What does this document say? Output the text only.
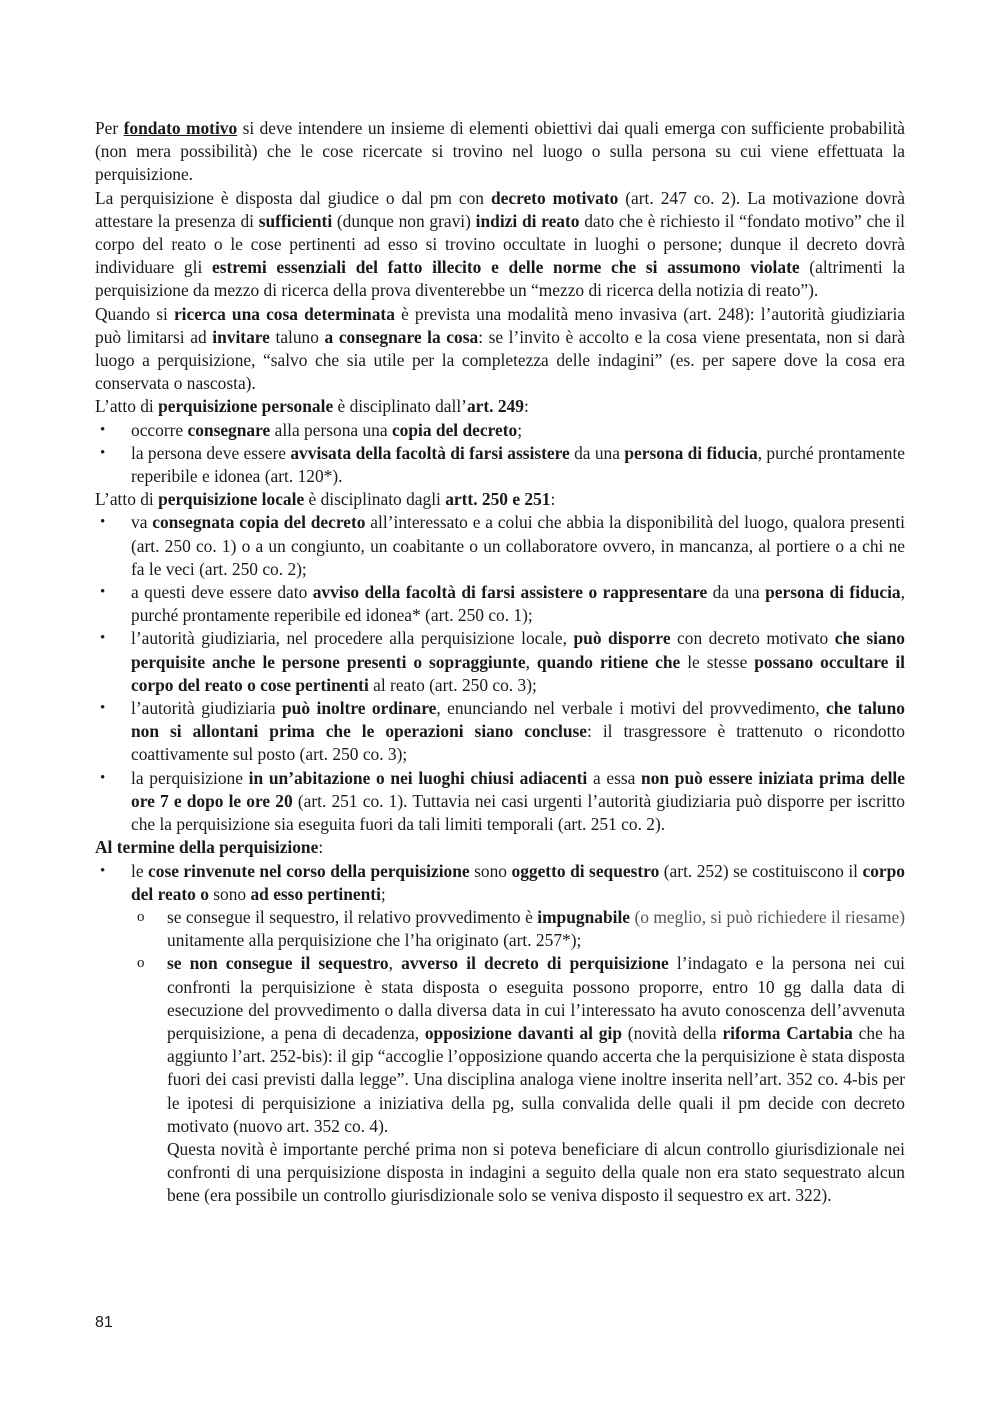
Per fondato motivo si deve intendere un insieme di elementi obiettivi dai quali emerga con sufficiente probabilità (non mera possibilità) che le cose ricercate si trovino nel luogo o sulla persona su cui viene effettuata la perquisizione.

La perquisizione è disposta dal giudice o dal pm con decreto motivato (art. 247 co. 2). La motivazione dovrà attestare la presenza di sufficienti (dunque non gravi) indizi di reato dato che è richiesto il “fondato motivo” che il corpo del reato o le cose pertinenti ad esso si trovino occultate in luoghi o persone; dunque il decreto dovrà individuare gli estremi essenziali del fatto illecito e delle norme che si assumono violate (altrimenti la perquisizione da mezzo di ricerca della prova diventerebbe un “mezzo di ricerca della notizia di reato”).

Quando si ricerca una cosa determinata è prevista una modalità meno invasiva (art. 248): l’autorità giudiziaria può limitarsi ad invitare taluno a consegnare la cosa: se l’invito è accolto e la cosa viene presentata, non si darà luogo a perquisizione, “salvo che sia utile per la completezza delle indagini” (es. per sapere dove la cosa era conservata o nascosta).

L’atto di perquisizione personale è disciplinato dall’art. 249:

• occorre consegnare alla persona una copia del decreto;
• la persona deve essere avvisata della facoltà di farsi assistere da una persona di fiducia, purché prontamente reperibile e idonea (art. 120*).

L’atto di perquisizione locale è disciplinato dagli artt. 250 e 251:

• va consegnata copia del decreto all’interessato e a colui che abbia la disponibilità del luogo, qualora presenti (art. 250 co. 1) o a un congiunto, un coabitante o un collaboratore ovvero, in mancanza, al portiere o a chi ne fa le veci (art. 250 co. 2);
• a questi deve essere dato avviso della facoltà di farsi assistere o rappresentare da una persona di fiducia, purché prontamente reperibile ed idonea* (art. 250 co. 1);
• l’autorità giudiziaria, nel procedere alla perquisizione locale, può disporre con decreto motivato che siano perquisite anche le persone presenti o sopraggiunte, quando ritiene che le stesse possano occultare il corpo del reato o cose pertinenti al reato (art. 250 co. 3);
• l’autorità giudiziaria può inoltre ordinare, enunciando nel verbale i motivi del provvedimento, che taluno non si allontani prima che le operazioni siano concluse: il trasgressore è trattenuto o ricondotto coattivamente sul posto (art. 250 co. 3);
• la perquisizione in un’abitazione o nei luoghi chiusi adiacenti a essa non può essere iniziata prima delle ore 7 e dopo le ore 20 (art. 251 co. 1). Tuttavia nei casi urgenti l’autorità giudiziaria può disporre per iscritto che la perquisizione sia eseguita fuori da tali limiti temporali (art. 251 co. 2).

Al termine della perquisizione:

• le cose rinvenute nel corso della perquisizione sono oggetto di sequestro (art. 252) se costituiscono il corpo del reato o sono ad esso pertinenti;
o se consegue il sequestro, il relativo provvedimento è impugnabile (o meglio, si può richiedere il riesame) unitamente alla perquisizione che l’ha originato (art. 257*);
o se non consegue il sequestro, avverso il decreto di perquisizione l’indagato e la persona nei cui confronti la perquisizione è stata disposta o eseguita possono proporre, entro 10 gg dalla data di esecuzione del provvedimento o dalla diversa data in cui l’interessato ha avuto conoscenza dell’avvenuta perquisizione, a pena di decadenza, opposizione davanti al gip (novità della riforma Cartabia che ha aggiunto l’art. 252-bis): il gip “accoglie l’opposizione quando accerta che la perquisizione è stata disposta fuori dei casi previsti dalla legge”. Una disciplina analoga viene inoltre inserita nell’art. 352 co. 4-bis per le ipotesi di perquisizione a iniziativa della pg, sulla convalida delle quali il pm decide con decreto motivato (nuovo art. 352 co. 4).
Questa novità è importante perché prima non si poteva beneficiare di alcun controllo giurisdizionale nei confronti di una perquisizione disposta in indagini a seguito della quale non era stato sequestrato alcun bene (era possibile un controllo giurisdizionale solo se veniva disposto il sequestro ex art. 322).
81
